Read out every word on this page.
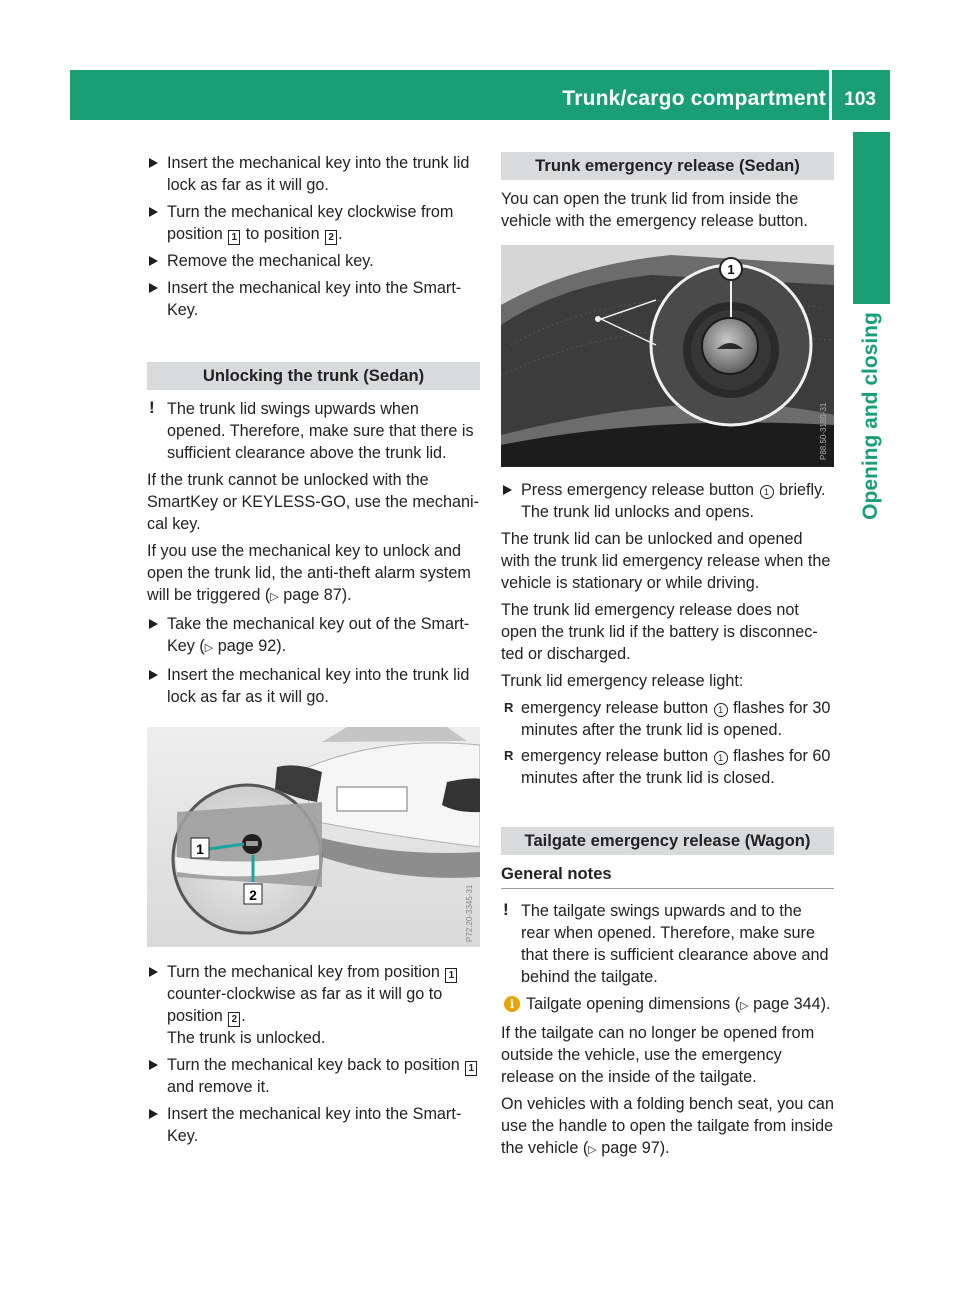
Trunk/cargo compartment 103
Opening and closing
Insert the mechanical key into the trunk lid lock as far as it will go.
Turn the mechanical key clockwise from position 1 to position 2 .
Remove the mechanical key.
Insert the mechanical key into the Smart-Key.
Unlocking the trunk (Sedan)
! The trunk lid swings upwards when opened. Therefore, make sure that there is sufficient clearance above the trunk lid.

If the trunk cannot be unlocked with the SmartKey or KEYLESS-GO, use the mechani-cal key.

If you use the mechanical key to unlock and open the trunk lid, the anti-theft alarm system will be triggered (▷ page 87).

Take the mechanical key out of the Smart-Key (▷ page 92).
Insert the mechanical key into the trunk lid lock as far as it will go.
1
2	P72.20-3345-31
Turn the mechanical key from position 1 counter-clockwise as far as it will go to position 2 .
The trunk is unlocked.
Turn the mechanical key back to position 1 and remove it.
Insert the mechanical key into the Smart-Key.
Trunk emergency release (Sedan)

You can open the trunk lid from inside the vehicle with the emergency release button.

1
P88.50-3180-31
Press emergency release button 1 briefly.
The trunk lid unlocks and opens.

The trunk lid can be unlocked and opened with the trunk lid emergency release when the vehicle is stationary or while driving.

The trunk lid emergency release does not open the trunk lid if the battery is disconnec-ted or discharged.

Trunk lid emergency release light:

R emergency release button 1 flashes for 30 minutes after the trunk lid is opened.
R emergency release button 1 flashes for 60 minutes after the trunk lid is closed.
Tailgate emergency release (Wagon)
General notes
! The tailgate swings upwards and to the rear when opened. Therefore, make sure that there is sufficient clearance above and behind the tailgate.
i Tailgate opening dimensions (▷ page 344).

If the tailgate can no longer be opened from outside the vehicle, use the emergency release on the inside of the tailgate.

On vehicles with a folding bench seat, you can use the handle to open the tailgate from inside the vehicle (▷ page 97).
